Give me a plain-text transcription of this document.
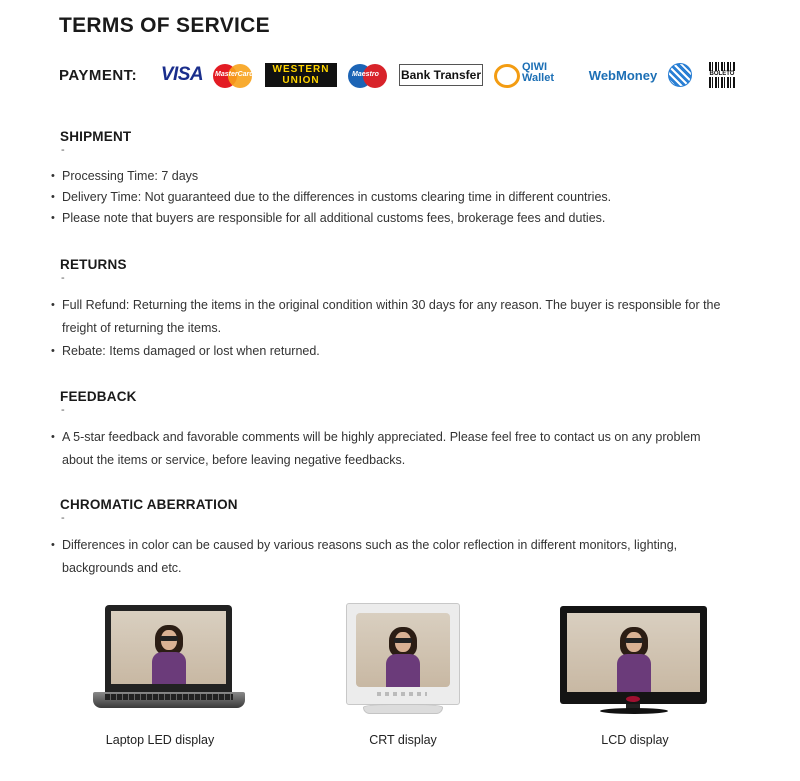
TERMS OF SERVICE
PAYMENT: VISA	MasterCard WESTERN
UNION
Maestro Bank Transfer
QIWI
Wallet	WebMoney	BOLETO
SHIPMENT
-
• Processing Time: 7 days
• Delivery Time: Not guaranteed due to the differences in customs clearing time in different countries.
• Please note that buyers are responsible for all additional customs fees, brokerage fees and duties.
RETURNS
-
• Full Refund: Returning the items in the original condition within 30 days for any reason. The buyer is responsible for the freight of returning the items.
• Rebate: Items damaged or lost when returned.
FEEDBACK
-
• A 5-star feedback and favorable comments will be highly appreciated. Please feel free to contact us on any problem about the items or service, before leaving negative feedbacks.
CHROMATIC ABERRATION
-
• Differences in color can be caused by various reasons such as the color reflection in different monitors, lighting, backgrounds and etc.
Laptop LED display	CRT display	LCD display
